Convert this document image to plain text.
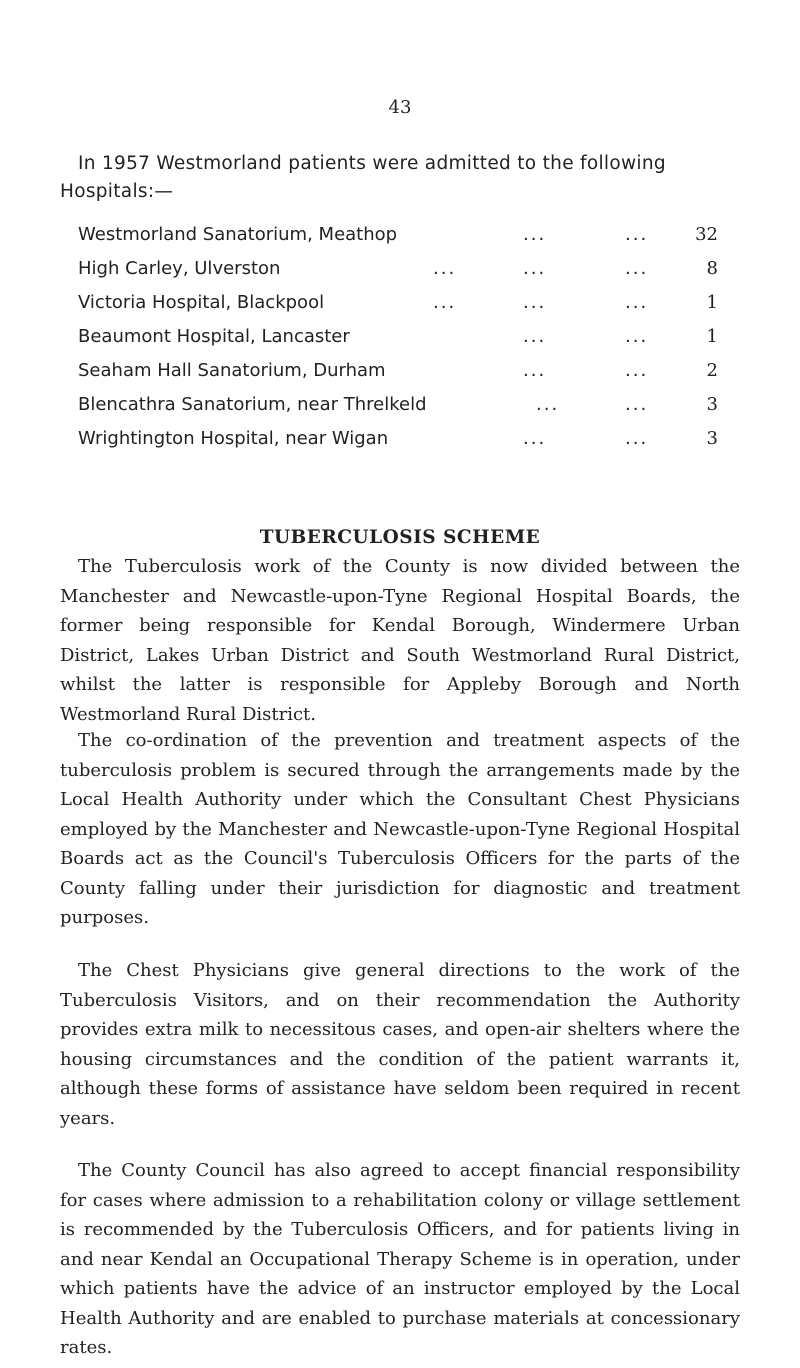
43
In 1957 Westmorland patients were admitted to the following Hospitals:—
Westmorland Sanatorium, Meathop	...	...	32
High Carley, Ulverston	...	...	...	8
Victoria Hospital, Blackpool	...	...	...	1
Beaumont Hospital, Lancaster	...	...	1
Seaham Hall Sanatorium, Durham	...	...	2
Blencathra Sanatorium, near Threlkeld	...	...	3
Wrightington Hospital, near Wigan	...	...	3
TUBERCULOSIS SCHEME
The Tuberculosis work of the County is now divided between the Manchester and Newcastle-upon-Tyne Regional Hospital Boards, the former being responsible for Kendal Borough, Windermere Urban District, Lakes Urban District and South Westmorland Rural District, whilst the latter is responsible for Appleby Borough and North Westmorland Rural District.
The co-ordination of the prevention and treatment aspects of the tuberculosis problem is secured through the arrangements made by the Local Health Authority under which the Consultant Chest Physicians employed by the Manchester and Newcastle-upon-Tyne Regional Hospital Boards act as the Council's Tuberculosis Officers for the parts of the County falling under their jurisdiction for diagnostic and treatment purposes.
The Chest Physicians give general directions to the work of the Tuberculosis Visitors, and on their recommendation the Authority provides extra milk to necessitous cases, and open-air shelters where the housing circumstances and the condition of the patient warrants it, although these forms of assistance have seldom been required in recent years.
The County Council has also agreed to accept financial responsibility for cases where admission to a rehabilitation colony or village settlement is recommended by the Tuberculosis Officers, and for patients living in and near Kendal an Occupational Therapy Scheme is in operation, under which patients have the advice of an instructor employed by the Local Health Authority and are enabled to purchase materials at concessionary rates.
